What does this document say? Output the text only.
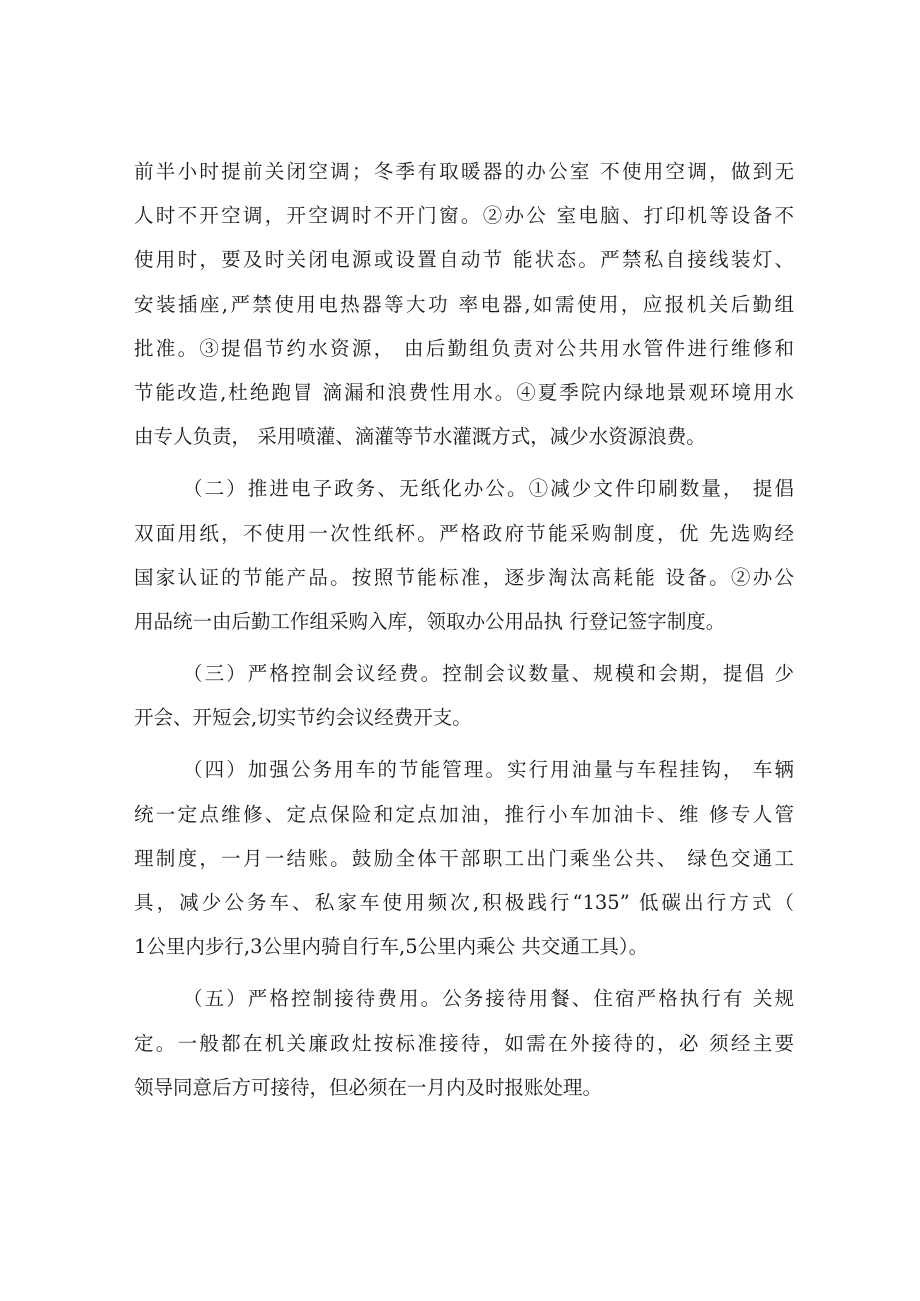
前半小时提前关闭空调；冬季有取暖器的办公室 不使用空调，做到无
人时不开空调，开空调时不开门窗。②办公 室电脑、打印机等设备不
使用时，要及时关闭电源或设置自动节 能状态。严禁私自接线装灯、
安装插座,严禁使用电热器等大功 率电器,如需使用，应报机关后勤组
批准。③提倡节约水资源， 由后勤组负责对公共用水管件进行维修和
节能改造,杜绝跑冒 滴漏和浪费性用水。④夏季院内绿地景观环境用水
由专人负责， 采用喷灌、滴灌等节水灌溉方式，减少水资源浪费。
（二）推进电子政务、无纸化办公。①减少文件印刷数量， 提倡
双面用纸，不使用一次性纸杯。严格政府节能采购制度，优 先选购经
国家认证的节能产品。按照节能标准，逐步淘汰高耗能 设备。②办公
用品统一由后勤工作组采购入库，领取办公用品执 行登记签字制度。
（三）严格控制会议经费。控制会议数量、规模和会期，提倡 少
开会、开短会,切实节约会议经费开支。
（四）加强公务用车的节能管理。实行用油量与车程挂钩， 车辆
统一定点维修、定点保险和定点加油，推行小车加油卡、维 修专人管
理制度，一月一结账。鼓励全体干部职工出门乘坐公共、 绿色交通工
具，减少公务车、私家车使用频次,积极践行“135” 低碳出行方式（
1公里内步行,3公里内骑自行车,5公里内乘公 共交通工具）。
（五）严格控制接待费用。公务接待用餐、住宿严格执行有 关规
定。一般都在机关廉政灶按标准接待，如需在外接待的，必 须经主要
领导同意后方可接待，但必须在一月内及时报账处理。
